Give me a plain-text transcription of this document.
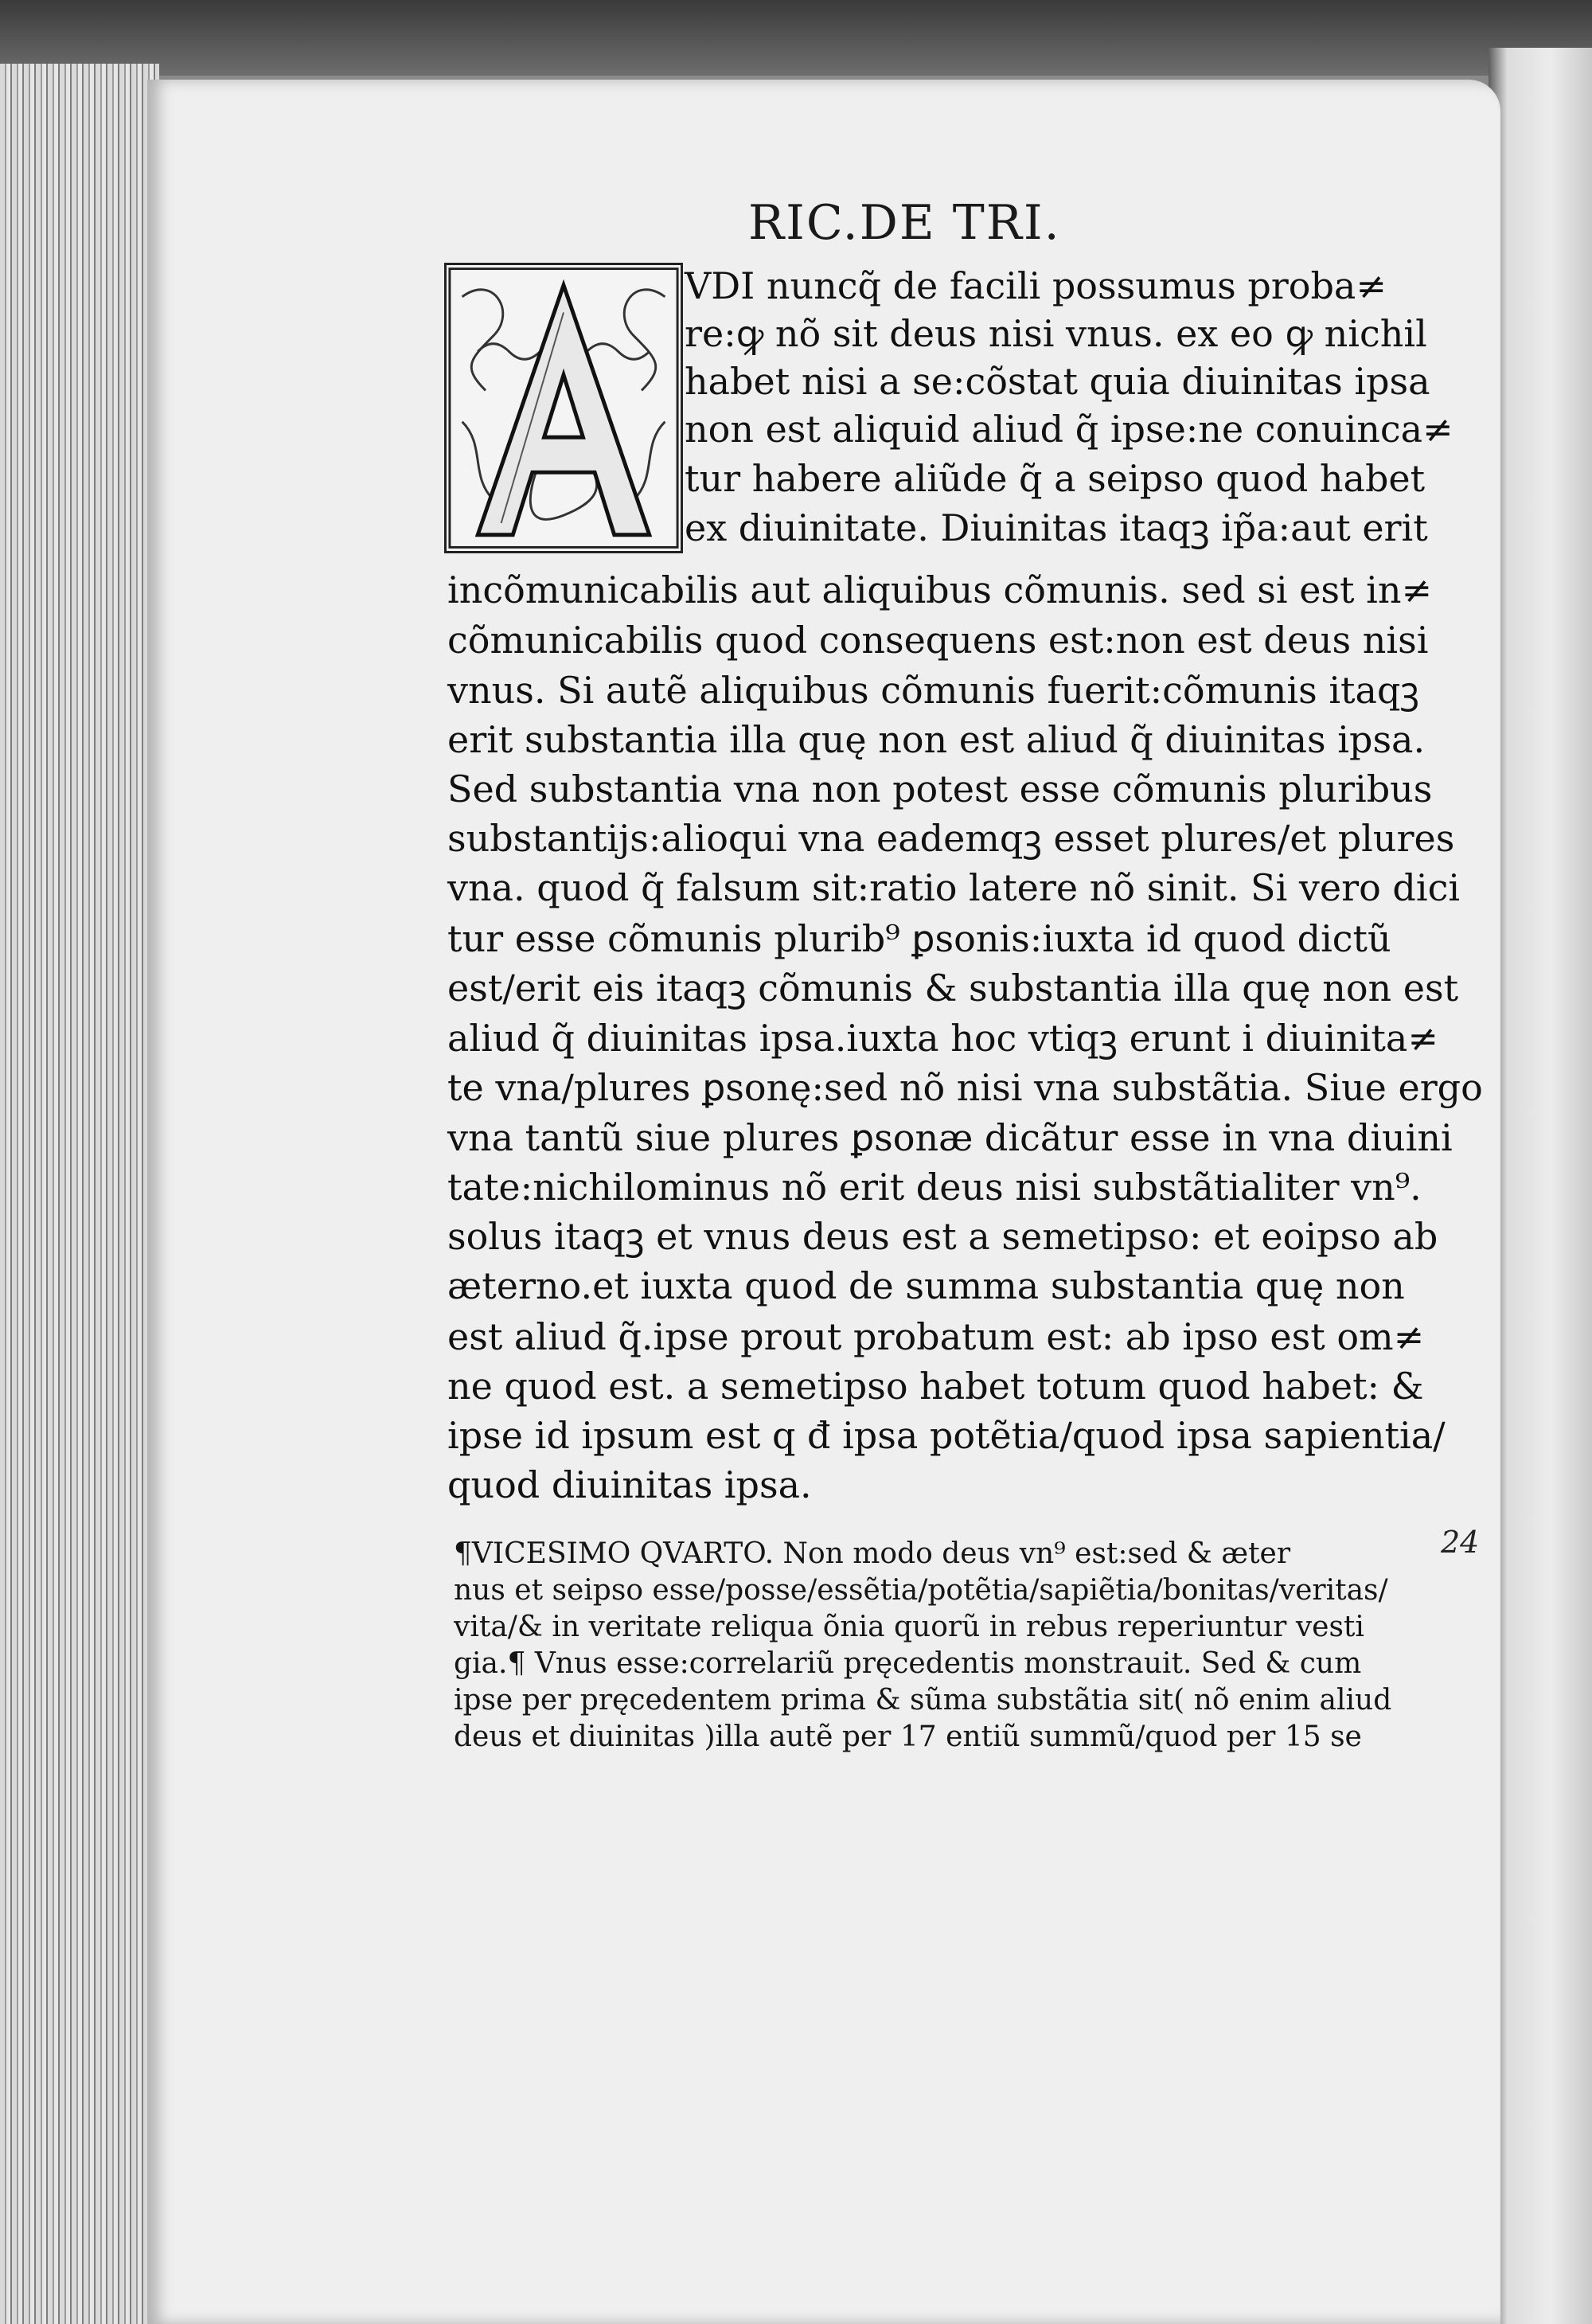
RIC.DE TRI.
VDI nuncq̃ de facili possumus proba≠
re:ꝙ nõ sit deus nisi vnus. ex eo ꝙ nichil
habet nisi a se:cõstat quia diuinitas ipsa
non est aliquid aliud q̃ ipse:ne conuinca≠
tur habere aliũde q̃ a seipso quod habet
ex diuinitate. Diuinitas itaqꝫ ip̃a:aut erit
incõmunicabilis aut aliquibus cõmunis. sed si est in≠
cõmunicabilis quod consequens est:non est deus nisi
vnus. Si autẽ aliquibus cõmunis fuerit:cõmunis itaqꝫ
erit substantia illa quę non est aliud q̃ diuinitas ipsa.
Sed substantia vna non potest esse cõmunis pluribus
substantijs:alioqui vna eademqꝫ esset plures/et plures
vna. quod q̃ falsum sit:ratio latere nõ sinit. Si vero dici
tur esse cõmunis plurib⁹ ꝑsonis:iuxta id quod dictũ
est/erit eis itaqꝫ cõmunis & substantia illa quę non est
aliud q̃ diuinitas ipsa.iuxta hoc vtiqꝫ erunt i diuinita≠
te vna/plures ꝑsonę:sed nõ nisi vna substãtia. Siue ergo
vna tantũ siue plures ꝑsonæ dicãtur esse in vna diuini
tate:nichilominus nõ erit deus nisi substãtialiter vn⁹.
solus itaqꝫ et vnus deus est a semetipso: et eoipso ab
æterno.et iuxta quod de summa substantia quę non
est aliud q̃.ipse prout probatum est: ab ipso est om≠
ne quod est. a semetipso habet totum quod habet: &
ipse id ipsum est q đ ipsa potẽtia/quod ipsa sapientia/
quod diuinitas ipsa.
¶VICESIMO QVARTO. Non modo deus vn⁹ est:sed & æter
nus et seipso esse/posse/essẽtia/potẽtia/sapiẽtia/bonitas/veritas/
vita/& in veritate reliqua õnia quorũ in rebus reperiuntur vesti
gia.¶ Vnus esse:correlariũ pręcedentis monstrauit. Sed & cum
ipse per pręcedentem prima & sũma substãtia sit( nõ enim aliud
deus et diuinitas )illa autẽ per 17 entiũ summũ/quod per 15 se
24
